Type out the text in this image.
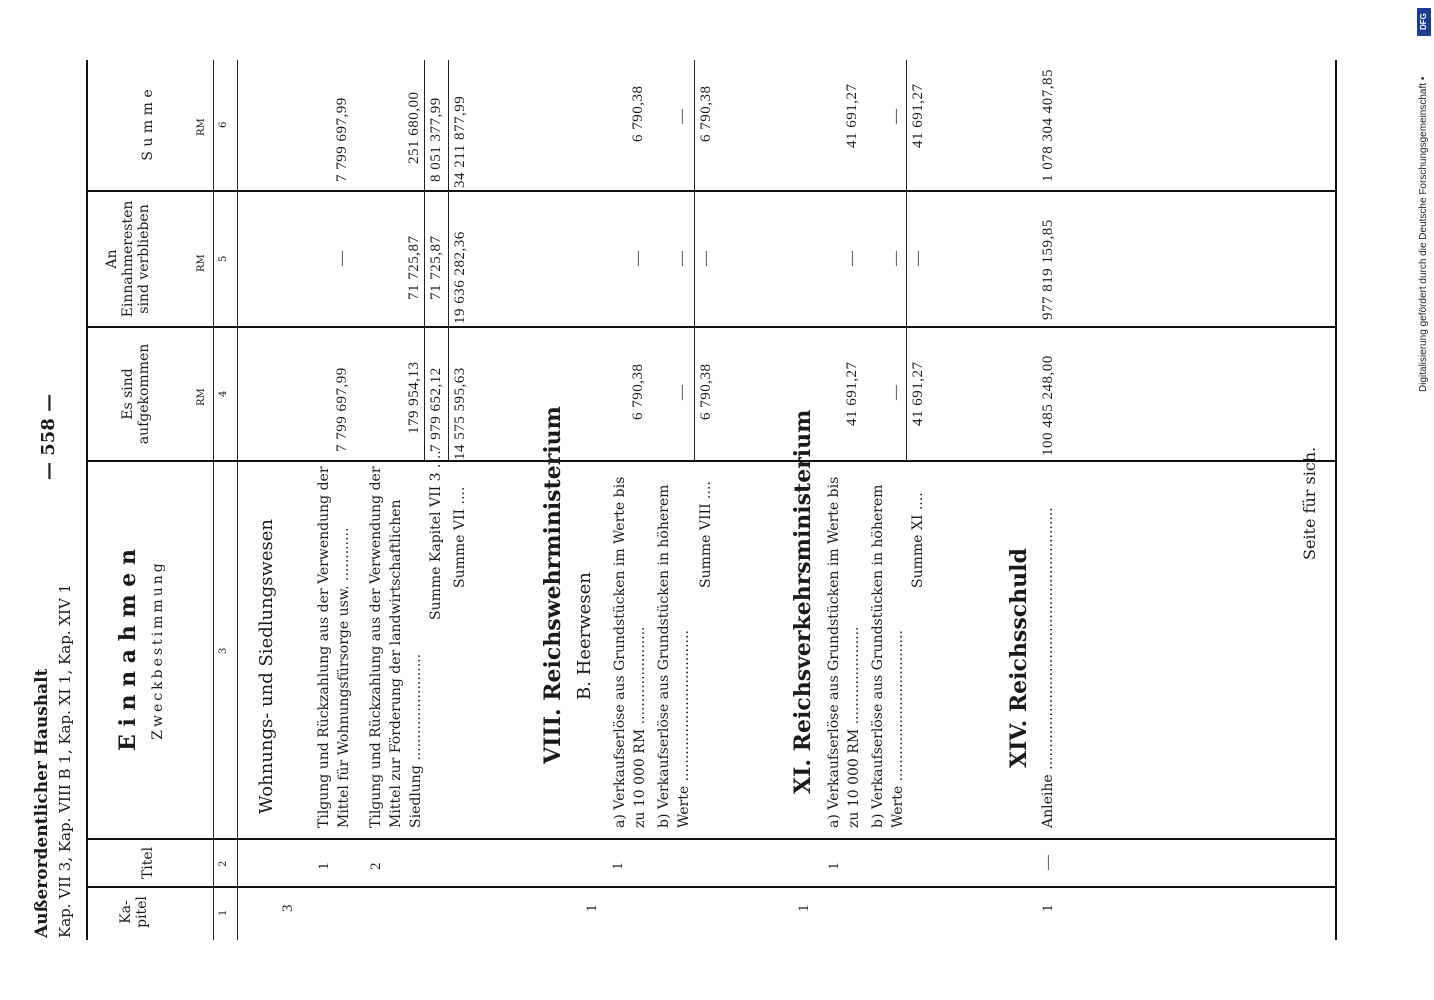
Außerordentlicher Haushalt Kap. VII 3, Kap. VIII B 1, Kap. XI 1, Kap. XIV 1
— 558 —
Ka-
pitel
Titel
E i n n a h m e n Zweckbestimmung
Es sind
aufgekommen
An
Einnahmeresten
sind verblieben
S u m m e
RM
RM
RM
1
2
3
4
5
6
3
Wohnungs- und Siedlungswesen
1
Tilgung und Rückzahlung aus der Verwendung der Mittel für Wohnungsfürsorge usw. ............
7 799 697,99
—
7 799 697,99
2
Tilgung und Rückzahlung aus der Verwendung der Mittel zur Förderung der landwirtschaftlichen Siedlung ........................
179 954,13
71 725,87
251 680,00
Summe Kapitel VII 3 ....
7 979 652,12
71 725,87
8 051 377,99
Summe VII ....
14 575 595,63
19 636 282,36
34 211 877,99
1
VIII. Reichswehrministerium B. Heerwesen
1
a) Verkaufserlöse aus Grundstücken im Werte bis zu 10 000 RM ......................
6 790,38
—
6 790,38
b) Verkaufserlöse aus Grundstücken in höherem Werte ..................................
—
—
—
Summe VIII ....
6 790,38
—
6 790,38
1
XI. Reichsverkehrsministerium
1
a) Verkaufserlöse aus Grundstücken im Werte bis zu 10 000 RM ......................
41 691,27
—
41 691,27
b) Verkaufserlöse aus Grundstücken in höherem Werte ..................................
—
—
—
Summe XI ....
41 691,27
—
41 691,27
XIV. Reichsschuld
1
—
Anleihe ...........................................................
100 485 248,00
977 819 159,85
1 078 304 407,85
Seite für sich.
DFG
Digitalisierung gefördert durch die Deutsche Forschungsgemeinschaft •
